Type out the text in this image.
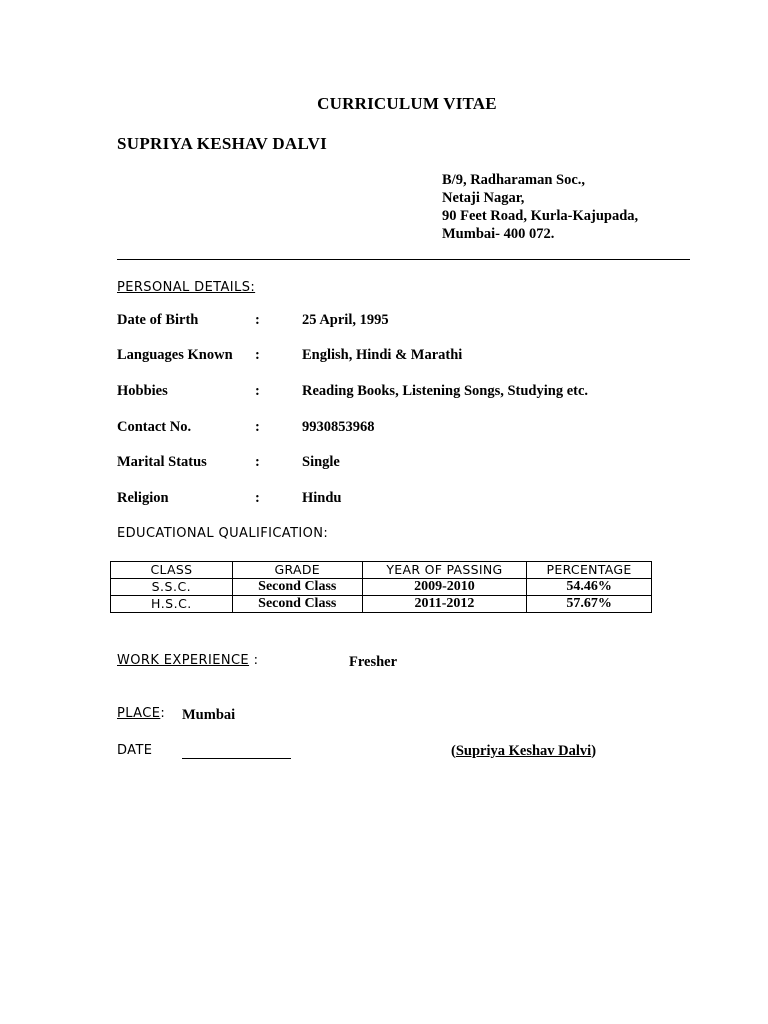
CURRICULUM VITAE
SUPRIYA KESHAV DALVI
B/9, Radharaman Soc.,
Netaji Nagar,
90 Feet Road, Kurla-Kajupada,
Mumbai- 400 072.
PERSONAL DETAILS:
Date of Birth	:	25 April, 1995
Languages Known :	English, Hindi & Marathi
Hobbies	:	Reading Books, Listening Songs, Studying etc.
Contact No.	:	9930853968
Marital Status	:	Single
Religion	:	Hindu
EDUCATIONAL QUALIFICATION:
CLASS	GRADE	YEAR OF PASSING	PERCENTAGE
S.S.C.	Second Class	2009-2010	54.46%
H.S.C.	Second Class	2011-2012	57.67%
WORK EXPERIENCE :	Fresher
PLACE: Mumbai
DATE	(Supriya Keshav Dalvi)
